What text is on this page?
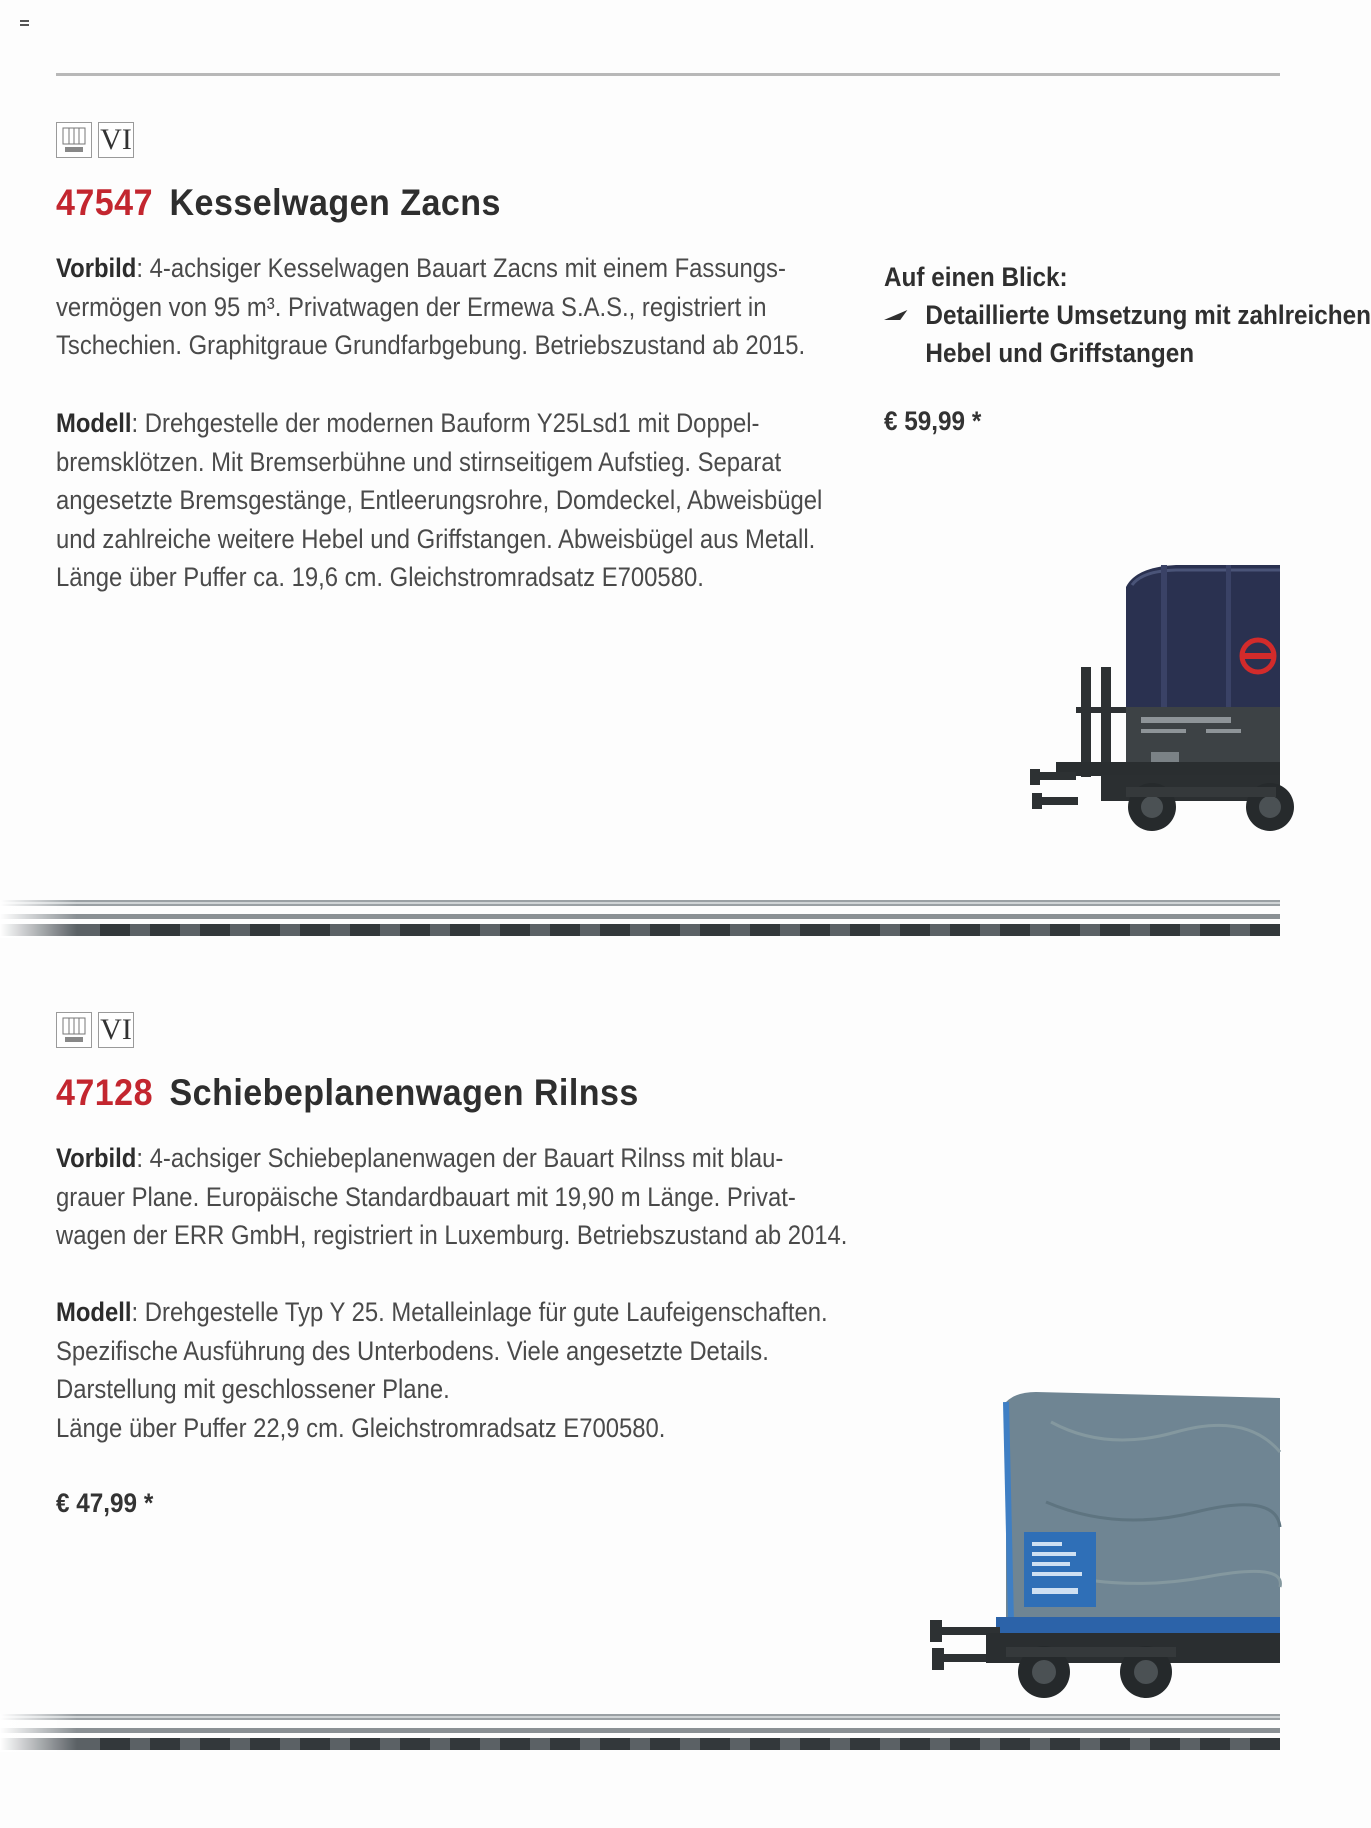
VI
47547 Kesselwagen Zacns
Vorbild: 4-achsiger Kesselwagen Bauart Zacns mit einem Fassungs-
vermögen von 95 m³. Privatwagen der Ermewa S.A.S., registriert in
Tschechien. Graphitgraue Grundfarbgebung. Betriebszustand ab 2015.
Modell: Drehgestelle der modernen Bauform Y25Lsd1 mit Doppel-
bremsklötzen. Mit Bremserbühne und stirnseitigem Aufstieg. Separat
angesetzte Bremsgestänge, Entleerungsrohre, Domdeckel, Abweisbügel
und zahlreiche weitere Hebel und Griffstangen. Abweisbügel aus Metall.
Länge über Puffer ca. 19,6 cm. Gleichstromradsatz E700580.
Auf einen Blick:
Detaillierte Umsetzung mit zahlreichen
Hebel und Griffstangen
€ 59,99 *
VI
47128 Schiebeplanenwagen Rilnss
Vorbild: 4-achsiger Schiebeplanenwagen der Bauart Rilnss mit blau-
grauer Plane. Europäische Standardbauart mit 19,90 m Länge. Privat-
wagen der ERR GmbH, registriert in Luxemburg. Betriebszustand ab 2014.
Modell: Drehgestelle Typ Y 25. Metalleinlage für gute Laufeigenschaften.
Spezifische Ausführung des Unterbodens. Viele angesetzte Details.
Darstellung mit geschlossener Plane.
Länge über Puffer 22,9 cm. Gleichstromradsatz E700580.
€ 47,99 *
